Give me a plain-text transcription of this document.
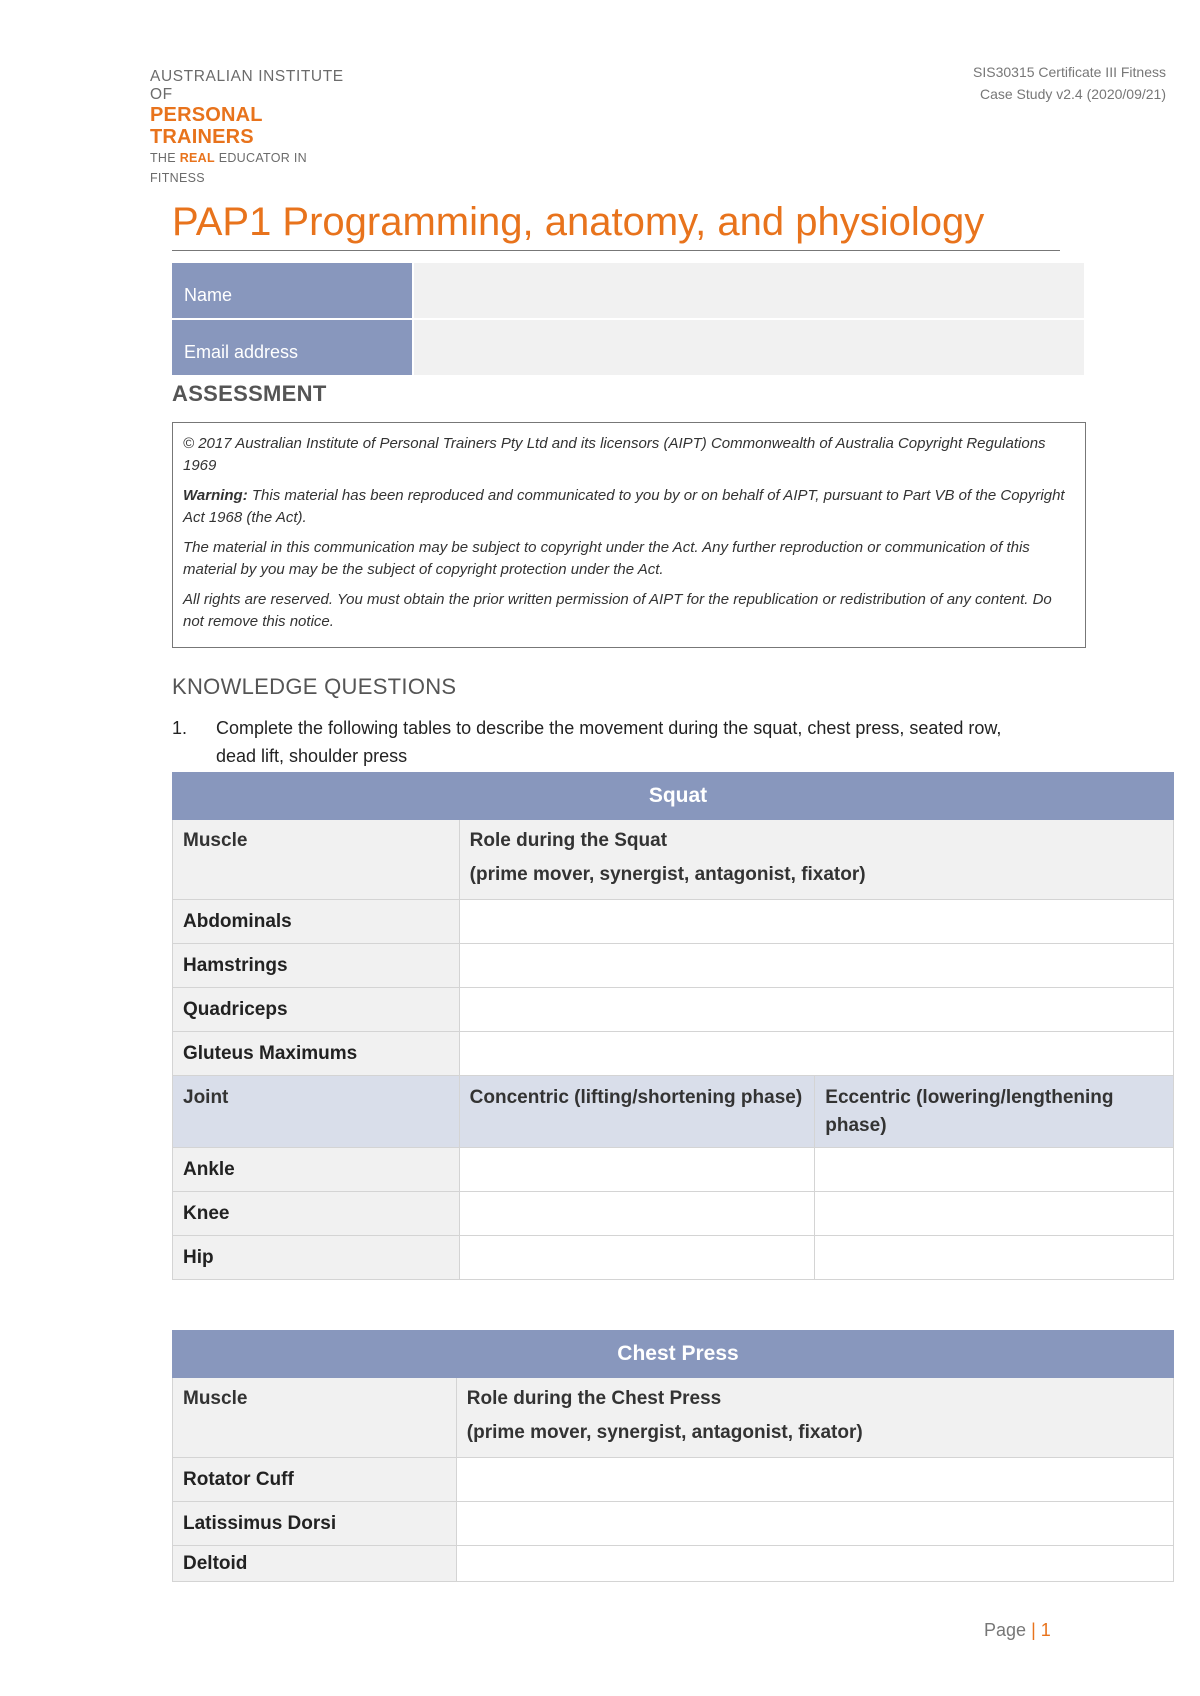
AUSTRALIAN INSTITUTE OF
PERSONAL TRAINERS
THE REAL EDUCATOR IN FITNESS
SIS30315 Certificate III Fitness
Case Study v2.4 (2020/09/21)
PAP1 Programming, anatomy, and physiology
Name	
Email address	
ASSESSMENT

© 2017 Australian Institute of Personal Trainers Pty Ltd and its licensors (AIPT) Commonwealth of Australia Copyright Regulations 1969

Warning: This material has been reproduced and communicated to you by or on behalf of AIPT, pursuant to Part VB of the Copyright Act 1968 (the Act).

The material in this communication may be subject to copyright under the Act. Any further reproduction or communication of this material by you may be the subject of copyright protection under the Act.

All rights are reserved. You must obtain the prior written permission of AIPT for the republication or redistribution of any content. Do not remove this notice.

KNOWLEDGE QUESTIONS
1. Complete the following tables to describe the movement during the squat, chest press, seated row, dead lift, shoulder press
Squat		
Muscle	Role during the Squat
(prime mover, synergist, antagonist, fixator)	

Abdominals		
Hamstrings		
Quadriceps		
Gluteus Maximums		
Joint	Concentric (lifting/shortening phase)	Eccentric (lowering/lengthening phase)
Ankle		
Knee		
Hip		
Chest Press	
Muscle	Role during the Chest Press
(prime mover, synergist, antagonist, fixator)

Rotator Cuff	
Latissimus Dorsi	
Deltoid	
Page | 1
